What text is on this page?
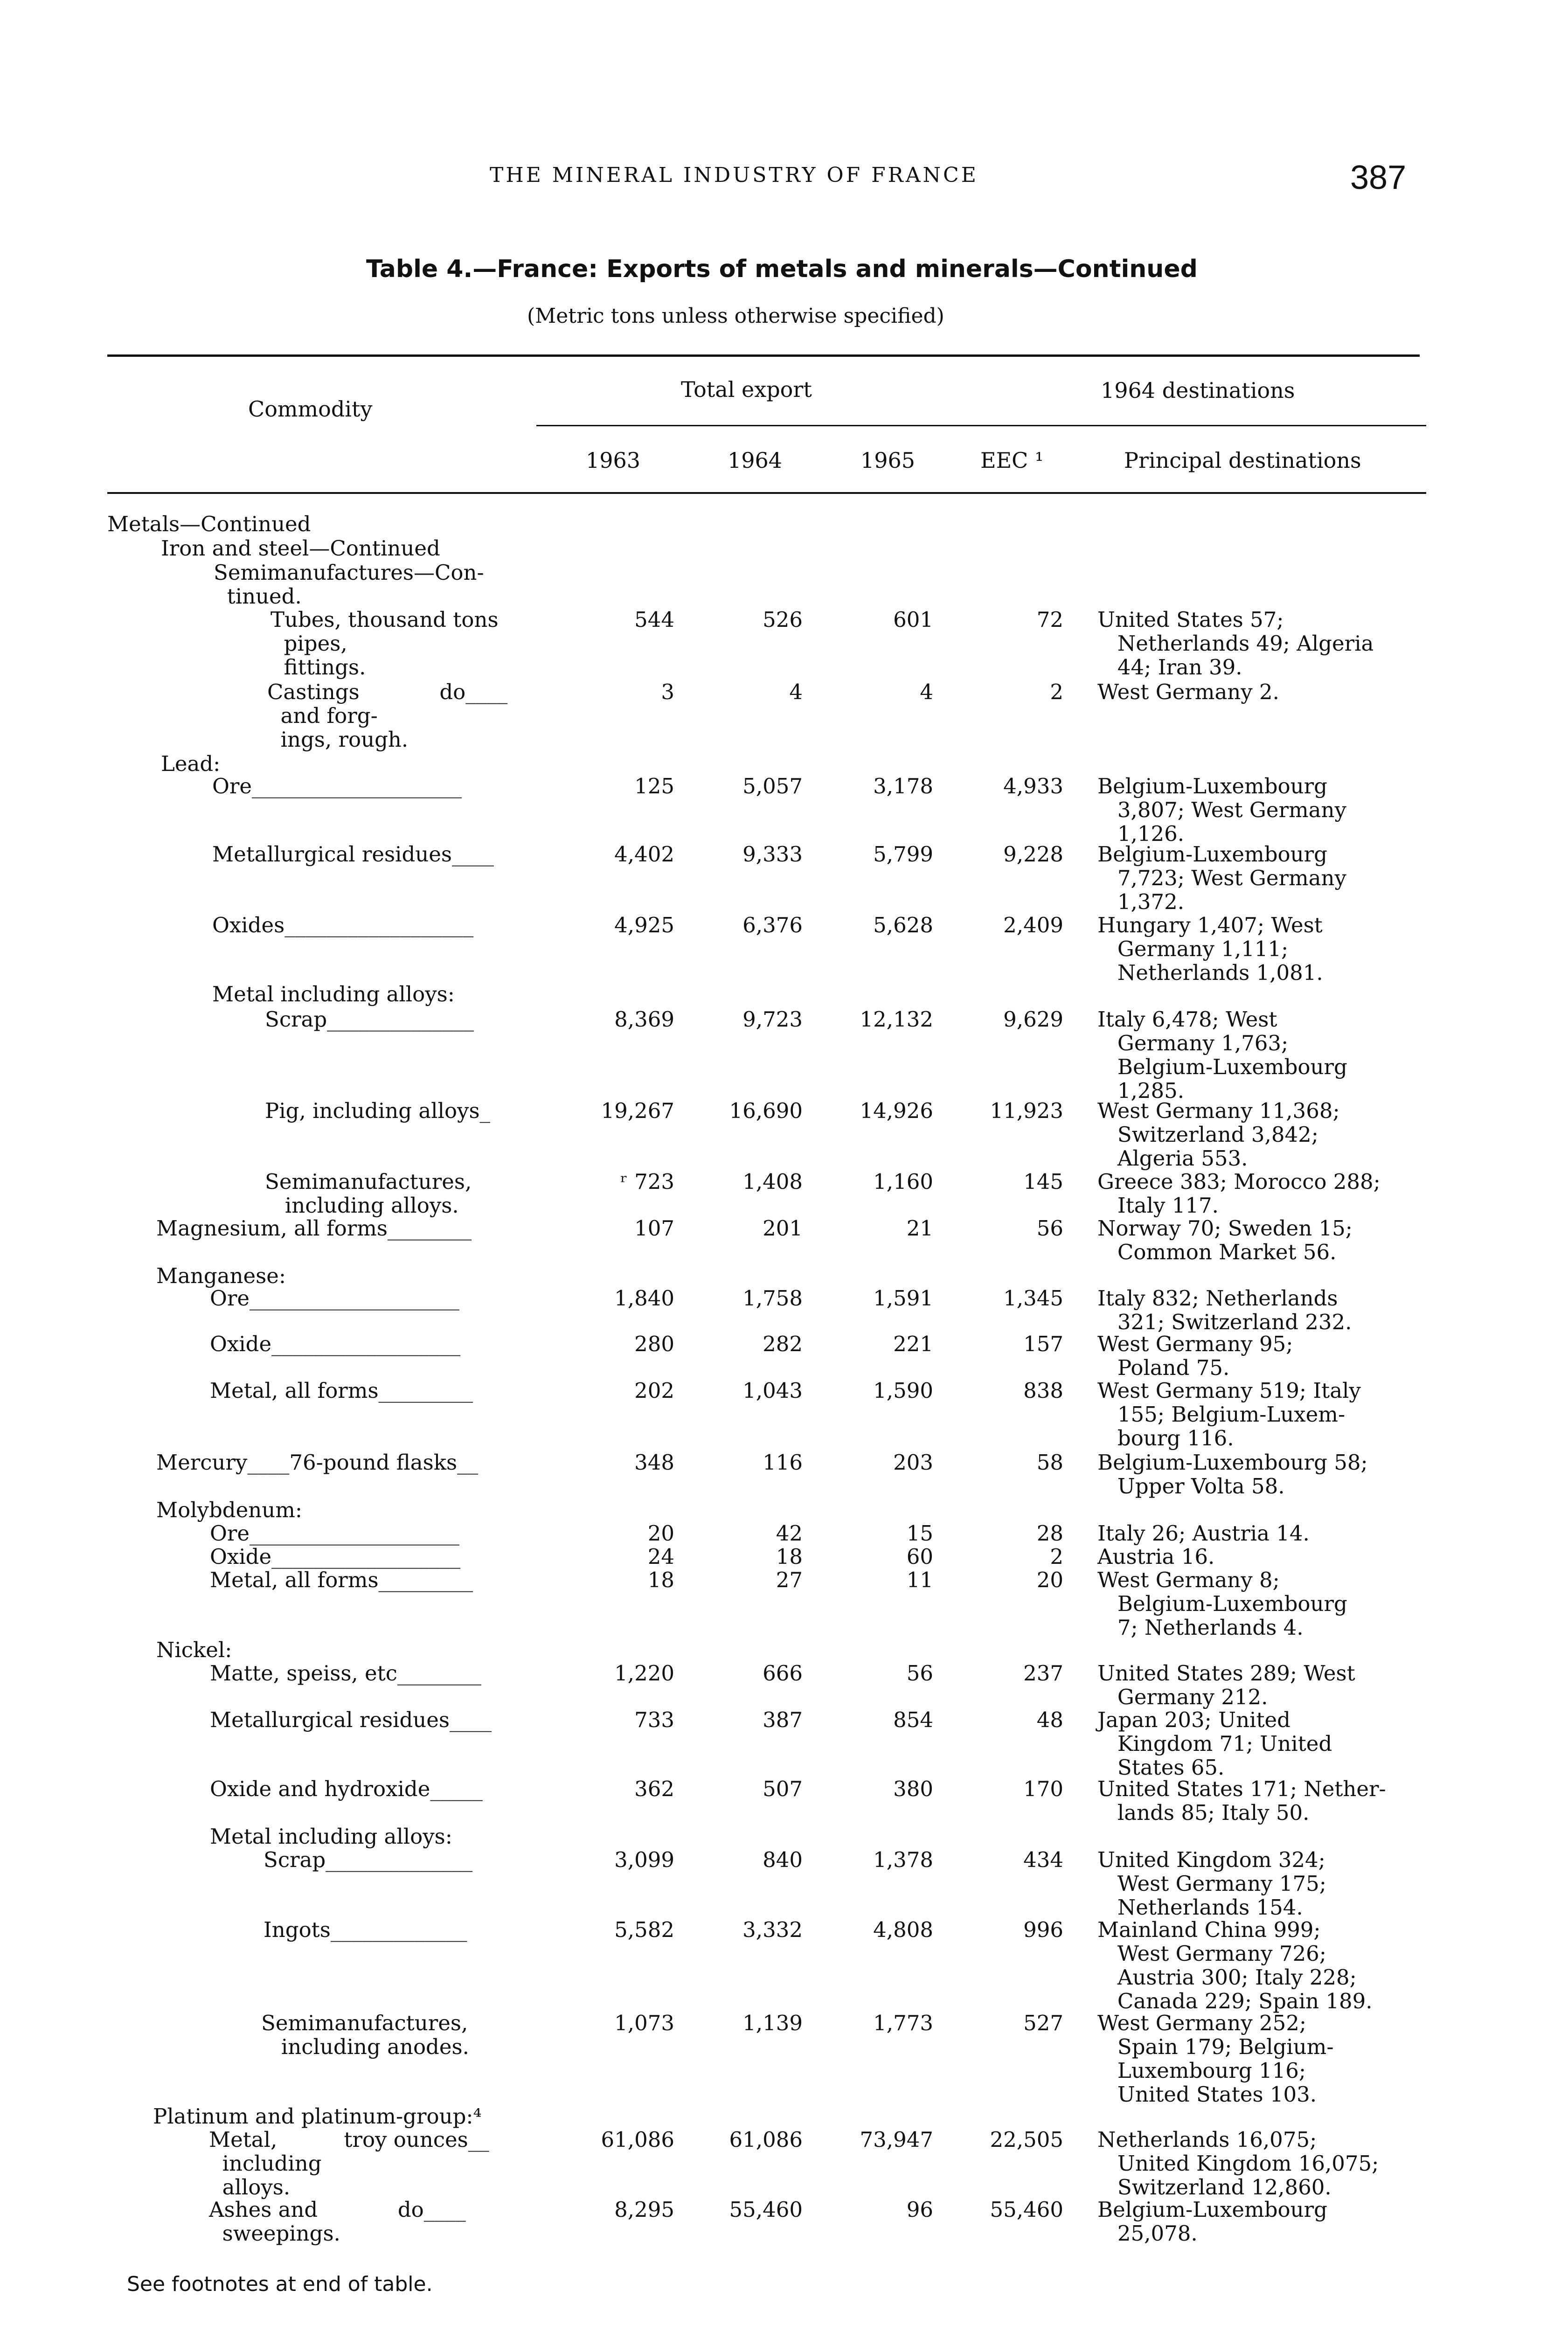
THE MINERAL INDUSTRY OF FRANCE	387
Table 4.—France: Exports of metals and minerals—Continued
(Metric tons unless otherwise specified)
Commodity
Total export	1964 destinations
1963	1964	1965	EEC ¹	Principal destinations
Metals—Continued
Iron and steel—Continued
Semimanufactures—Con-
tinued.
Tubes, thousand tons
pipes,
fittings.
544	526	601	72 United States 57;
Netherlands 49; Algeria
44; Iran 39.
Castings            do____
and forg-
ings, rough.
3	4	4	2 West Germany 2.
Lead:
Ore____________________	125	5,057	3,178	4,933 Belgium-Luxembourg
3,807; West Germany
1,126.
Metallurgical residues____	4,402	9,333	5,799	9,228 Belgium-Luxembourg
7,723; West Germany
1,372.
Oxides__________________	4,925	6,376	5,628	2,409 Hungary 1,407; West
Germany 1,111;
Netherlands 1,081.
Metal including alloys:
Scrap______________	8,369	9,723	12,132	9,629 Italy 6,478; West
Germany 1,763;
Belgium-Luxembourg
1,285.
Pig, including alloys_	19,267	16,690	14,926	11,923 West Germany 11,368;
Switzerland 3,842;
Algeria 553.
Semimanufactures,
including alloys.
ʳ 723	1,408	1,160	145 Greece 383; Morocco 288;
Italy 117.
Magnesium, all forms________	107	201	21	56 Norway 70; Sweden 15;
Common Market 56.
Manganese:
Ore____________________	1,840	1,758	1,591	1,345 Italy 832; Netherlands
321; Switzerland 232.
Oxide__________________	280	282	221	157 West Germany 95;
Poland 75.
Metal, all forms_________	202	1,043	1,590	838 West Germany 519; Italy
155; Belgium-Luxem-
bourg 116.
Mercury____76-pound flasks__	348	116	203	58 Belgium-Luxembourg 58;
Upper Volta 58.
Molybdenum:
Ore____________________	20	42	15	28 Italy 26; Austria 14.
Oxide__________________	24	18	60	2 Austria 16.
Metal, all forms_________	18	27	11	20 West Germany 8;
Belgium-Luxembourg
7; Netherlands 4.
Nickel:
Matte, speiss, etc________	1,220	666	56	237 United States 289; West
Germany 212.
Metallurgical residues____	733	387	854	48 Japan 203; United
Kingdom 71; United
States 65.
Oxide and hydroxide_____	362	507	380	170 United States 171; Nether-
lands 85; Italy 50.
Metal including alloys:
Scrap______________	3,099	840	1,378	434 United Kingdom 324;
West Germany 175;
Netherlands 154.
Ingots_____________	5,582	3,332	4,808	996 Mainland China 999;
West Germany 726;
Austria 300; Italy 228;
Canada 229; Spain 189.
Semimanufactures,
including anodes.
1,073	1,139	1,773	527 West Germany 252;
Spain 179; Belgium-
Luxembourg 116;
United States 103.
Platinum and platinum-group:⁴
Metal,          troy ounces__
including
alloys.
61,086	61,086	73,947	22,505 Netherlands 16,075;
United Kingdom 16,075;
Switzerland 12,860.
Ashes and            do____
sweepings.
8,295	55,460	96	55,460 Belgium-Luxembourg
25,078.
See footnotes at end of table.
